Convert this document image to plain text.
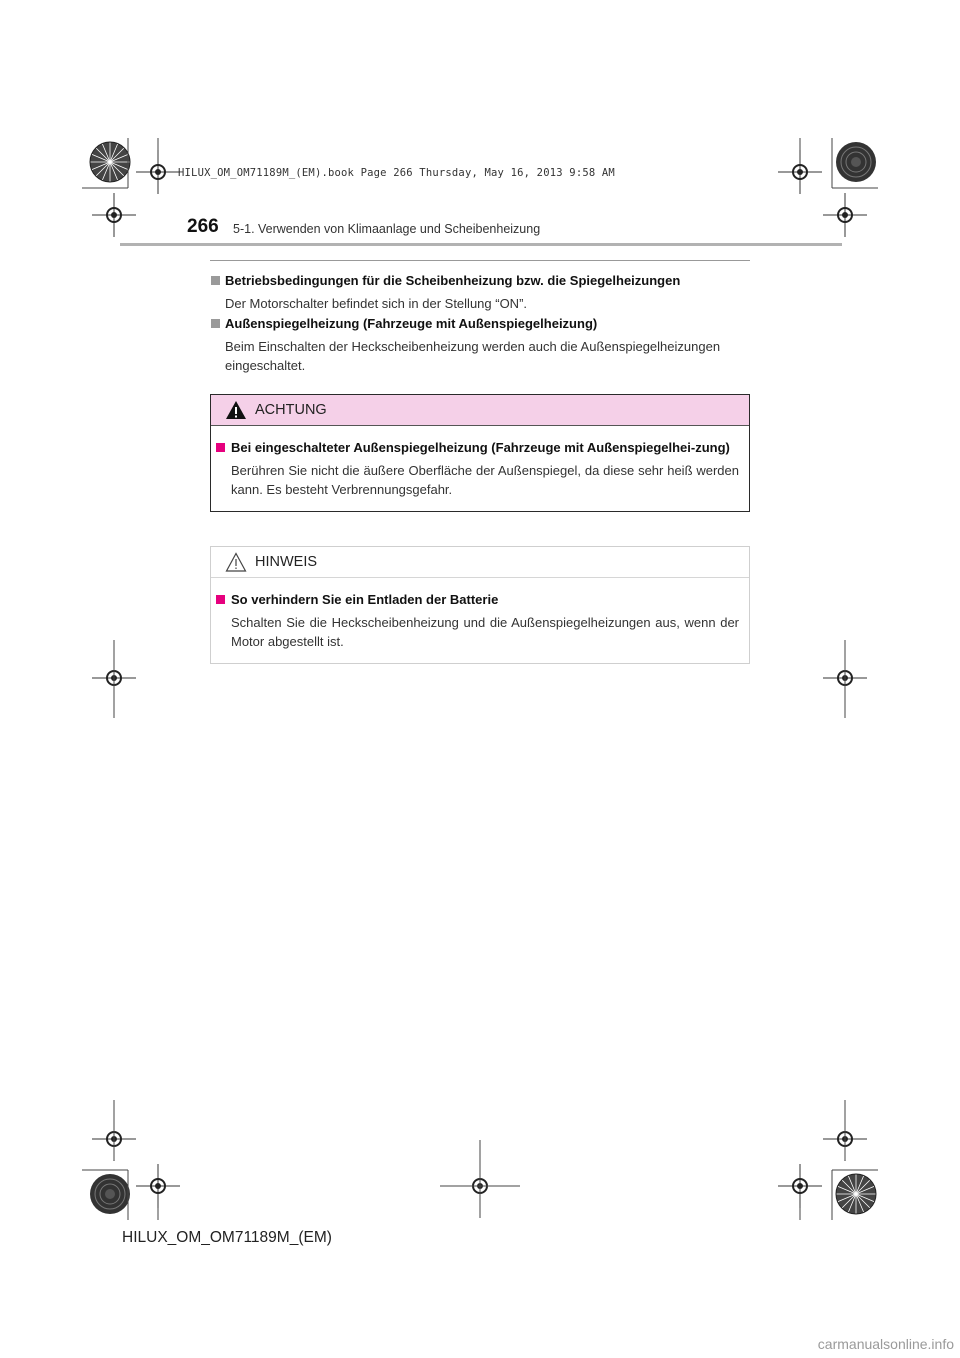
HILUX_OM_OM71189M_(EM).book Page 266 Thursday, May 16, 2013 9:58 AM
266 5-1. Verwenden von Klimaanlage und Scheibenheizung
Betriebsbedingungen für die Scheibenheizung bzw. die Spiegelheizungen
Der Motorschalter befindet sich in der Stellung “ON”.
Außenspiegelheizung (Fahrzeuge mit Außenspiegelheizung)
Beim Einschalten der Heckscheibenheizung werden auch die Außenspiegelheizungen eingeschaltet.
ACHTUNG
Bei eingeschalteter Außenspiegelheizung (Fahrzeuge mit Außenspiegelhei-zung)
Berühren Sie nicht die äußere Oberfläche der Außenspiegel, da diese sehr heiß werden kann. Es besteht Verbrennungsgefahr.
HINWEIS
So verhindern Sie ein Entladen der Batterie
Schalten Sie die Heckscheibenheizung und die Außenspiegelheizungen aus, wenn der Motor abgestellt ist.
HILUX_OM_OM71189M_(EM)
carmanualsonline.info
